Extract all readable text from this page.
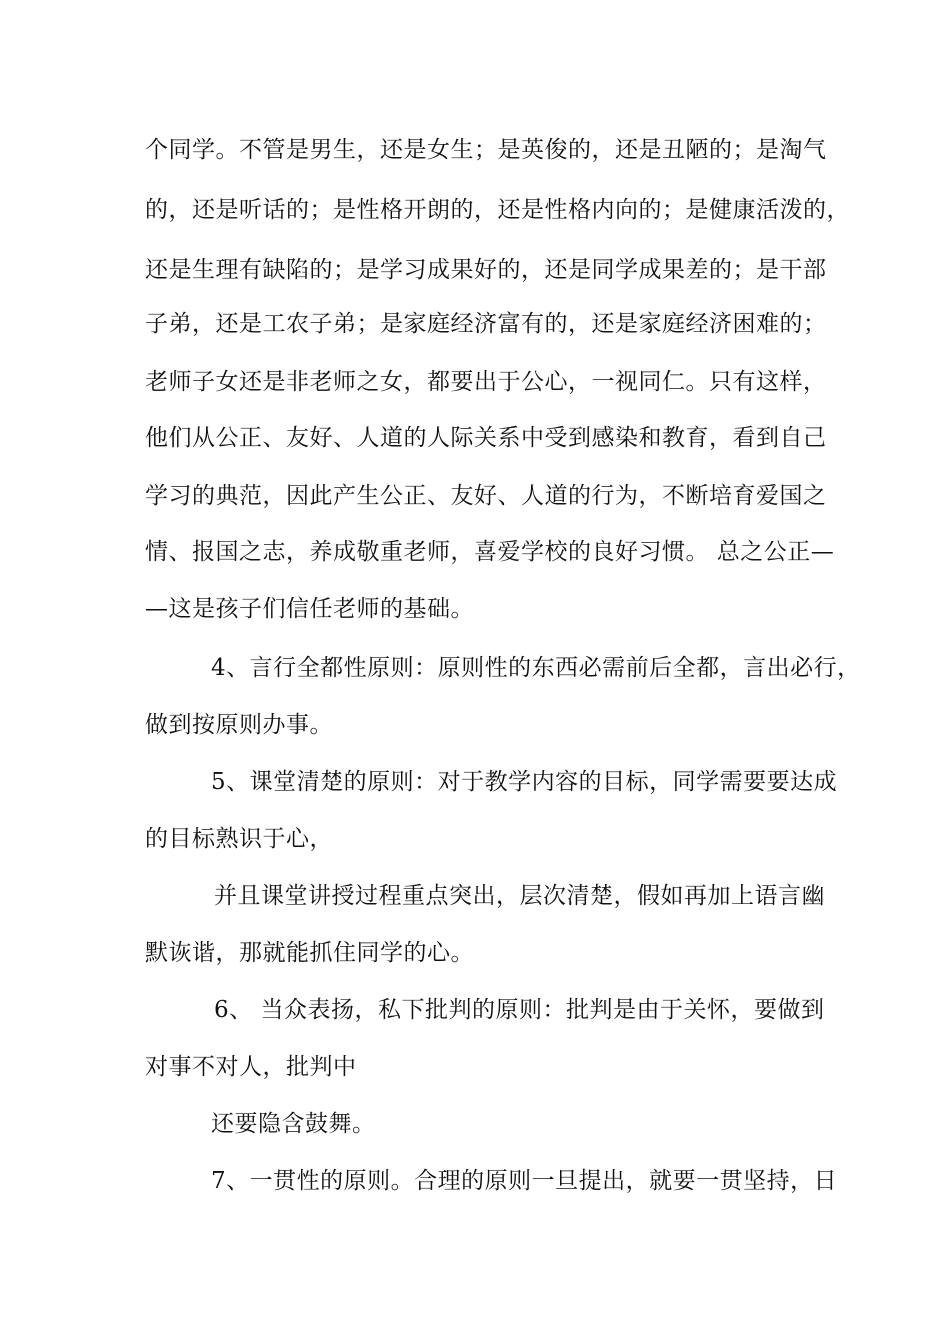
个同学。不管是男生，还是女生；是英俊的，还是丑陋的；是淘气
的，还是听话的；是性格开朗的，还是性格内向的；是健康活泼的，
还是生理有缺陷的；是学习成果好的，还是同学成果差的；是干部
子弟，还是工农子弟；是家庭经济富有的，还是家庭经济困难的；
老师子女还是非老师之女，都要出于公心，一视同仁。只有这样，
他们从公正、友好、人道的人际关系中受到感染和教育，看到自己
学习的典范，因此产生公正、友好、人道的行为，不断培育爱国之
情、报国之志，养成敬重老师，喜爱学校的良好习惯。 总之公正—
—这是孩子们信任老师的基础。
4、言行全都性原则：原则性的东西必需前后全都，言出必行，
做到按原则办事。
5、课堂清楚的原则：对于教学内容的目标，同学需要要达成
的目标熟识于心，
并且课堂讲授过程重点突出，层次清楚，假如再加上语言幽
默诙谐，那就能抓住同学的心。
6、 当众表扬，私下批判的原则：批判是由于关怀，要做到
对事不对人，批判中
还要隐含鼓舞。
7、一贯性的原则。合理的原则一旦提出，就要一贯坚持，日
